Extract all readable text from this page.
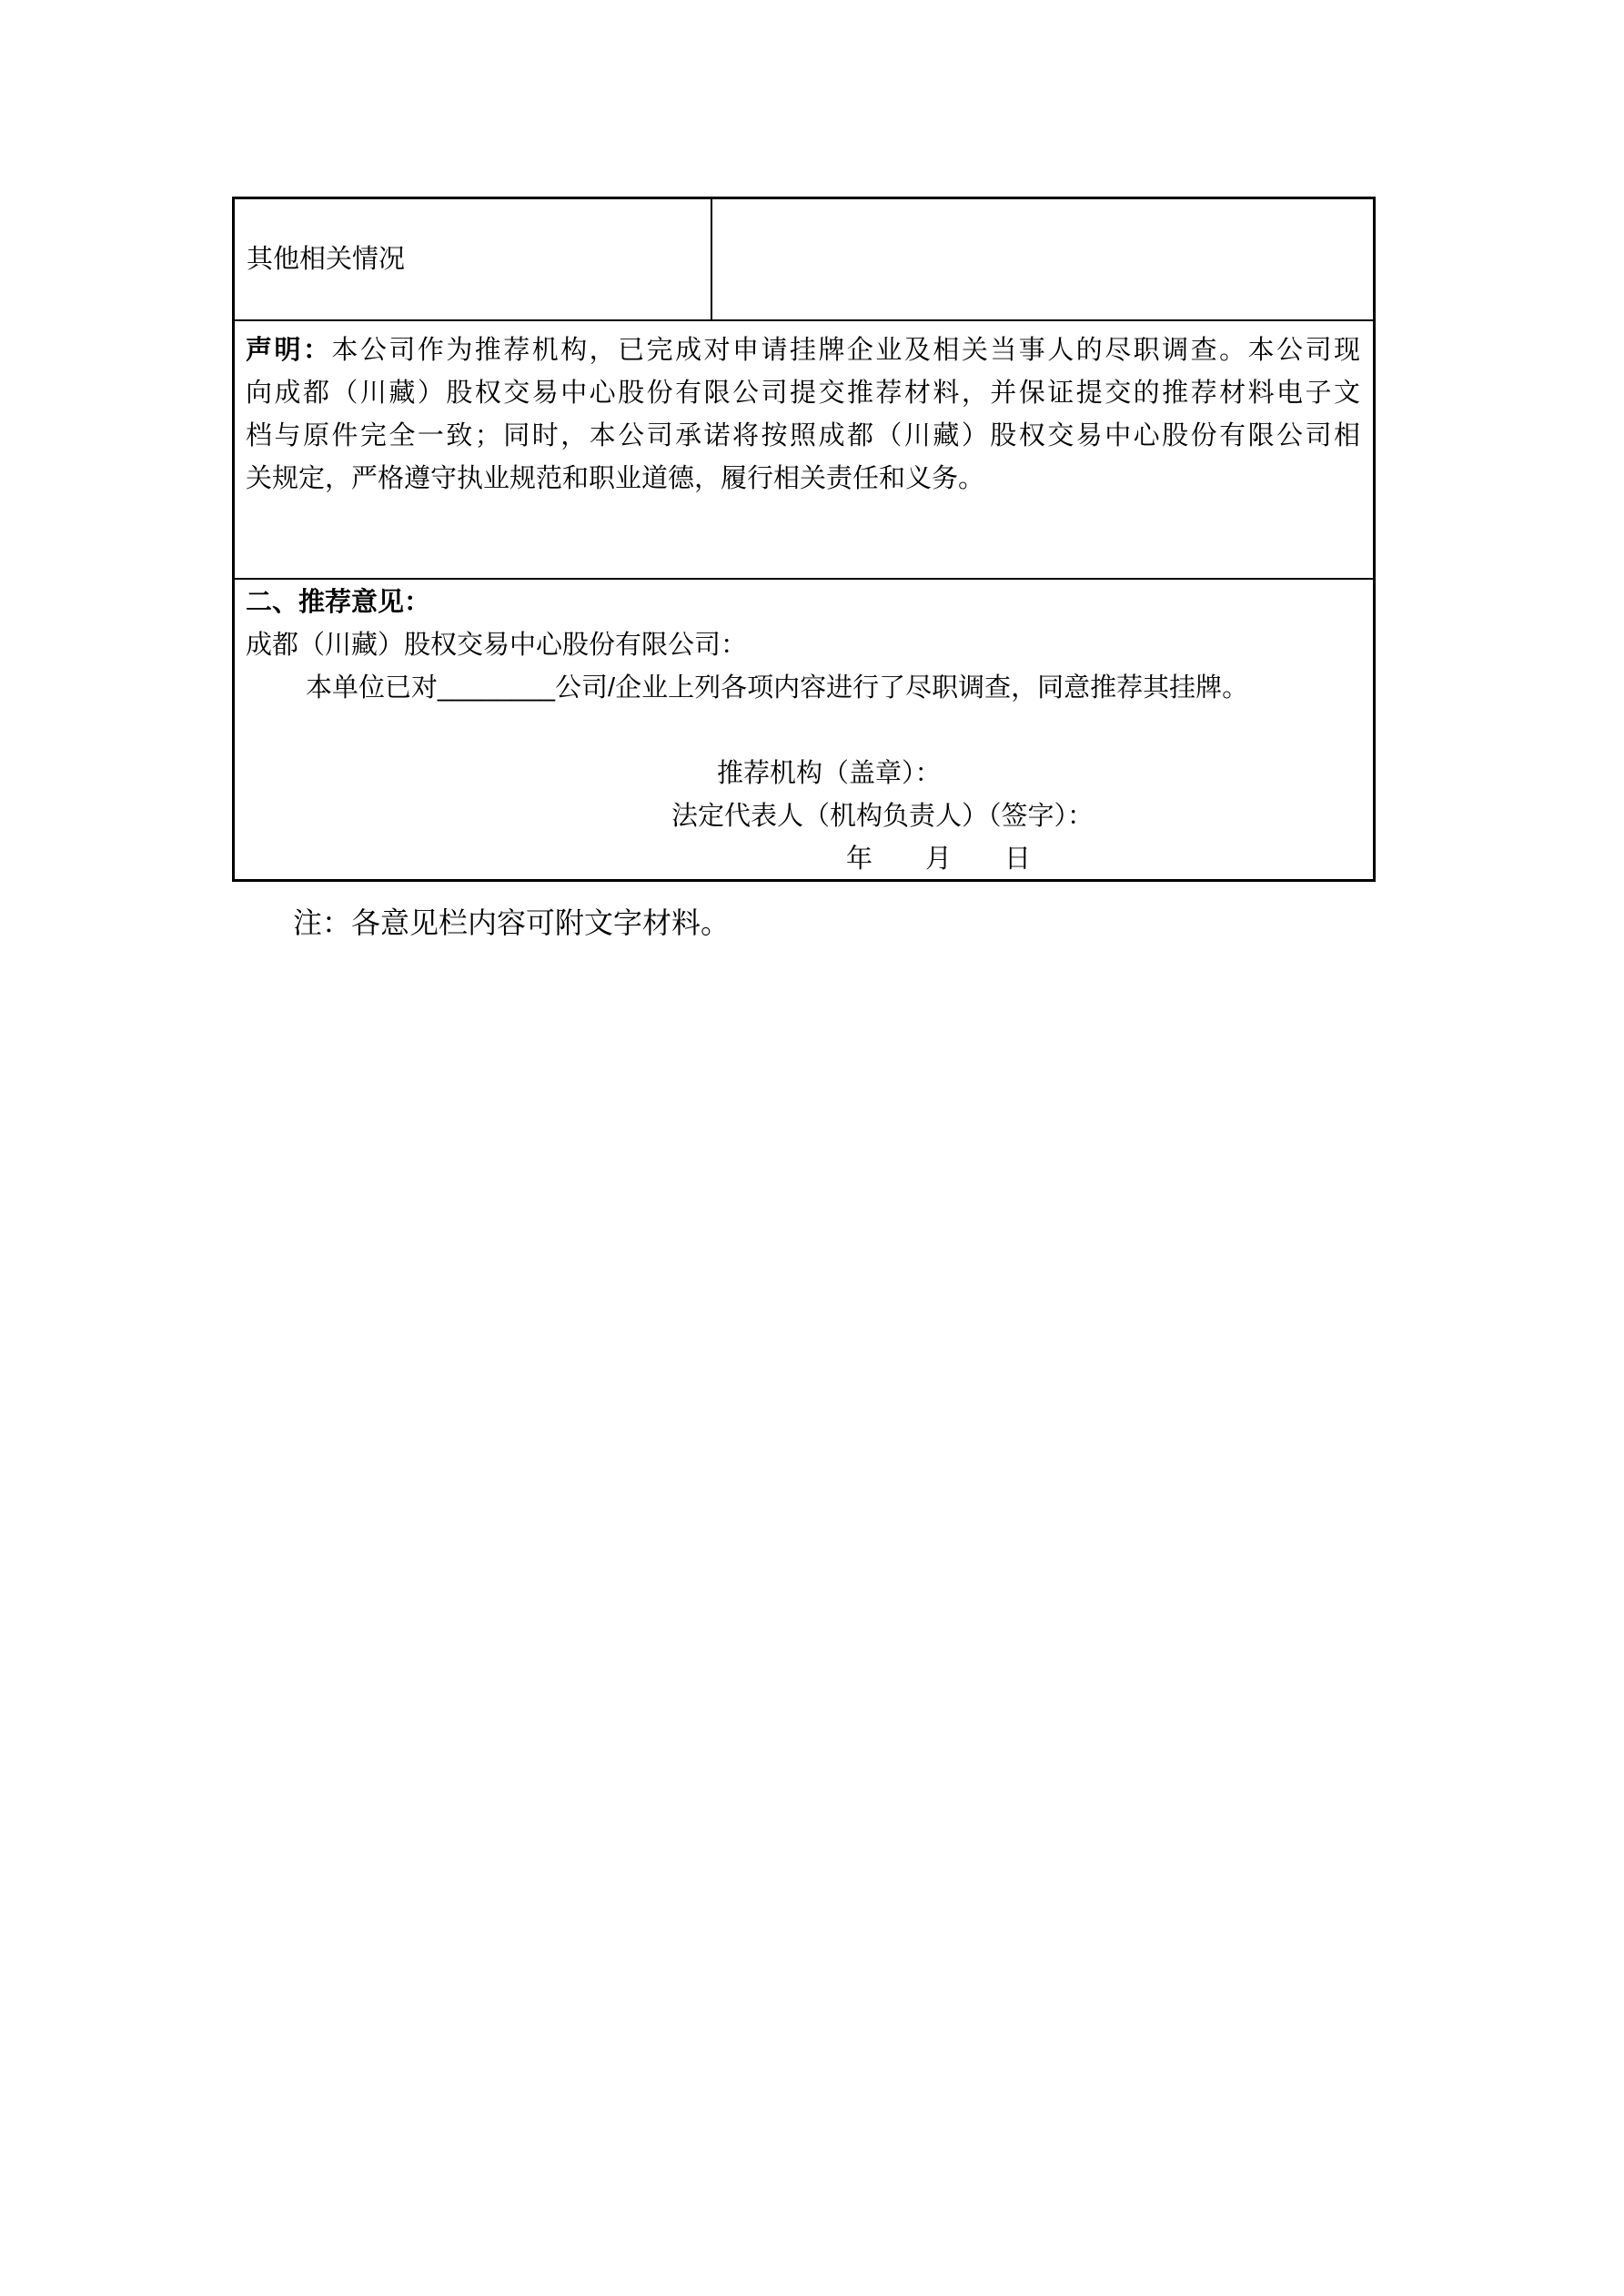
其他相关情况

声明：本公司作为推荐机构，已完成对申请挂牌企业及相关当事人的尽职调查。本公司现

向成都（川藏）股权交易中心股份有限公司提交推荐材料，并保证提交的推荐材料电子文

档与原件完全一致；同时，本公司承诺将按照成都（川藏）股权交易中心股份有限公司相

关规定，严格遵守执业规范和职业道德，履行相关责任和义务。

二、推荐意见：

成都（川藏）股权交易中心股份有限公司：

本单位已对________公司/企业上列各项内容进行了尽职调查，同意推荐其挂牌。

推荐机构（盖章）：

法定代表人（机构负责人）（签字）：

年　　月　　日

注：各意见栏内容可附文字材料。
